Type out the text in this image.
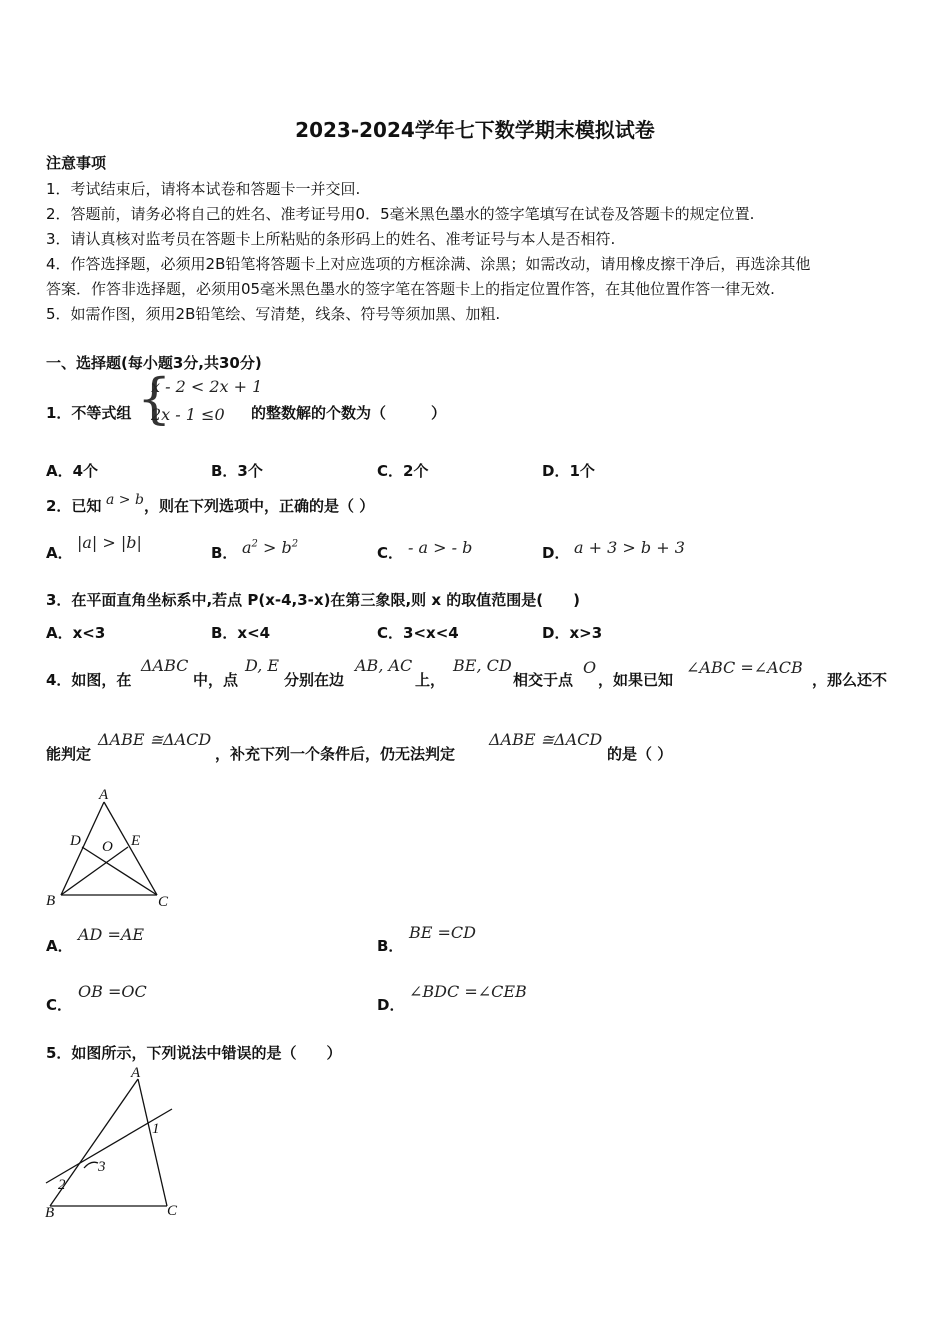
2023-2024学年七下数学期末模拟试卷
注意事项
1．考试结束后，请将本试卷和答题卡一并交回.
2．答题前，请务必将自己的姓名、准考证号用0．5毫米黑色墨水的签字笔填写在试卷及答题卡的规定位置.
3．请认真核对监考员在答题卡上所粘贴的条形码上的姓名、准考证号与本人是否相符.
4．作答选择题，必须用2B铅笔将答题卡上对应选项的方框涂满、涂黑；如需改动，请用橡皮擦干净后，再选涂其他
答案．作答非选择题，必须用05毫米黑色墨水的签字笔在答题卡上的指定位置作答，在其他位置作答一律无效.
5．如需作图，须用2B铅笔绘、写清楚，线条、符号等须加黑、加粗.
一、选择题(每小题3分,共30分)
1．不等式组 {
x - 2 < 2x + 1
2x - 1 ≤0 的整数解的个数为（　　　）
A．4个	B．3个	C．2个	D．1个
2．已知 a > b ，则在下列选项中，正确的是（ ）
A．
|a| > |b|
B． $a^2 > b^2$	C． - a > - b	D． a + 3 > b + 3
3．在平面直角坐标系中,若点 P(x-4,3-x)在第三象限,则 x 的取值范围是(　　)
A．x<3	B．x<4	C．3<x<4	D．x>3
4．如图，在
ΔABC
中，点
D, E
分别在边
AB, AC
上，
BE, CD
相交于点
O
，如果已知
∠ABC =∠ACB
，那么还不
能判定
ΔABE ≅ΔACD
，补充下列一个条件后，仍无法判定
ΔABE ≅ΔACD
的是（ ）
A
D O E
B	C
A．
AD =AE
B．
BE =CD
C．
OB =OC
D．
∠BDC =∠CEB
5．如图所示，下列说法中错误的是（　　）
A
1
3
2
B	C
